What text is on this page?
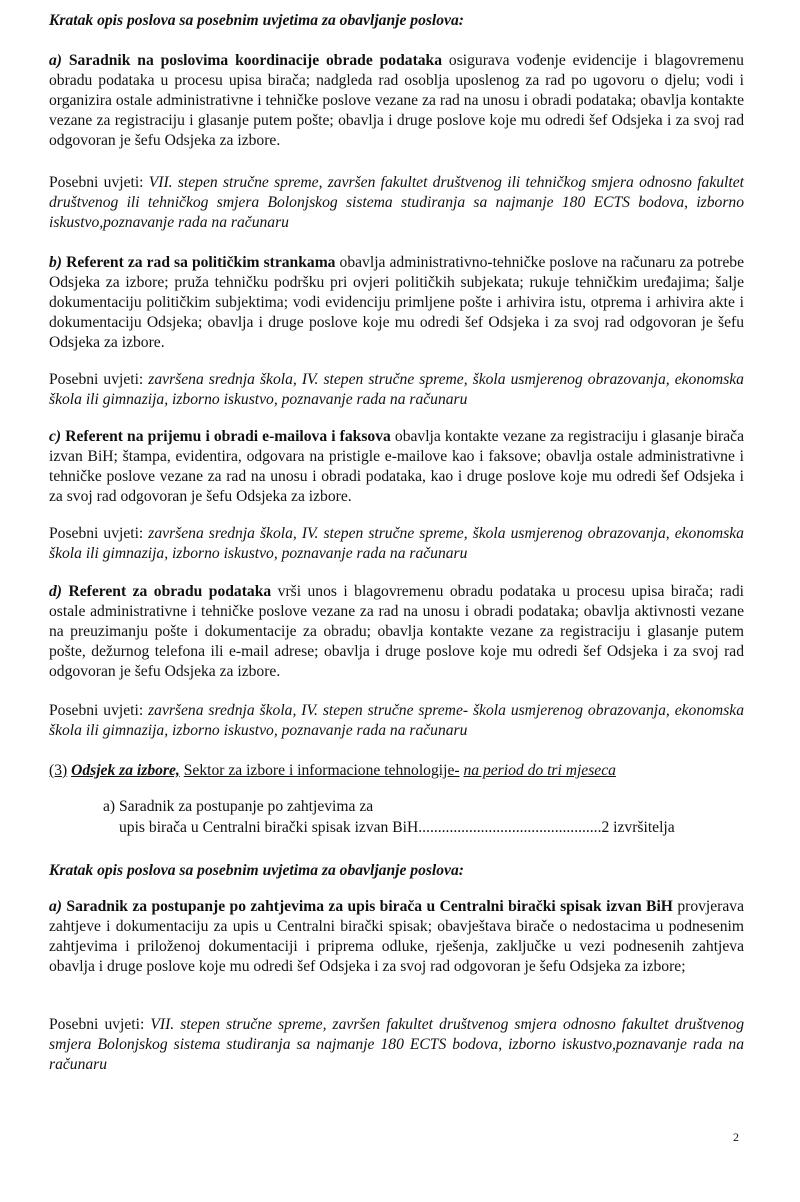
Kratak opis poslova sa posebnim uvjetima za obavljanje poslova:
a) Saradnik na poslovima koordinacije obrade podataka osigurava vođenje evidencije i blagovremenu obradu podataka u procesu upisa birača; nadgleda rad osoblja uposlenog za rad po ugovoru o djelu; vodi i organizira ostale administrativne i tehničke poslove vezane za rad na unosu i obradi podataka; obavlja kontakte vezane za registraciju i glasanje putem pošte; obavlja i druge poslove koje mu odredi šef Odsjeka i za svoj rad odgovoran je šefu Odsjeka za izbore.
Posebni uvjeti: VII. stepen stručne spreme, završen fakultet društvenog ili tehničkog smjera odnosno fakultet društvenog ili tehničkog smjera Bolonjskog sistema studiranja sa najmanje 180 ECTS bodova, izborno iskustvo,poznavanje rada na računaru
b) Referent za rad sa političkim strankama obavlja administrativno-tehničke poslove na računaru za potrebe Odsjeka za izbore; pruža tehničku podršku pri ovjeri političkih subjekata; rukuje tehničkim uređajima; šalje dokumentaciju političkim subjektima; vodi evidenciju primljene pošte i arhivira istu, otprema i arhivira akte i dokumentaciju Odsjeka; obavlja i druge poslove koje mu odredi šef Odsjeka i za svoj rad odgovoran je šefu Odsjeka za izbore.
Posebni uvjeti: završena srednja škola, IV. stepen stručne spreme, škola usmjerenog obrazovanja, ekonomska škola ili gimnazija, izborno iskustvo, poznavanje rada na računaru
c) Referent na prijemu i obradi e-mailova i faksova obavlja kontakte vezane za registraciju i glasanje birača izvan BiH; štampa, evidentira, odgovara na pristigle e-mailove kao i faksove; obavlja ostale administrativne i tehničke poslove vezane za rad na unosu i obradi podataka, kao i druge poslove koje mu odredi šef Odsjeka i za svoj rad odgovoran je šefu Odsjeka za izbore.
Posebni uvjeti: završena srednja škola, IV. stepen stručne spreme, škola usmjerenog obrazovanja, ekonomska škola ili gimnazija, izborno iskustvo, poznavanje rada na računaru
d) Referent za obradu podataka vrši unos i blagovremenu obradu podataka u procesu upisa birača; radi ostale administrativne i tehničke poslove vezane za rad na unosu i obradi podataka; obavlja aktivnosti vezane na preuzimanju pošte i dokumentacije za obradu; obavlja kontakte vezane za registraciju i glasanje putem pošte, dežurnog telefona ili e-mail adrese; obavlja i druge poslove koje mu odredi šef Odsjeka i za svoj rad odgovoran je šefu Odsjeka za izbore.
Posebni uvjeti: završena srednja škola, IV. stepen stručne spreme- škola usmjerenog obrazovanja, ekonomska škola ili gimnazija, izborno iskustvo, poznavanje rada na računaru
(3) Odsjek za izbore, Sektor za izbore i informacione tehnologije- na period do tri mjeseca
a) Saradnik za postupanje po zahtjevima za
upis birača u Centralni birački spisak izvan BiH...............................................2 izvršitelja
Kratak opis poslova sa posebnim uvjetima za obavljanje poslova:
a) Saradnik za postupanje po zahtjevima za upis birača u Centralni birački spisak izvan BiH provjerava zahtjeve i dokumentaciju za upis u Centralni birački spisak; obavještava birače o nedostacima u podnesenim zahtjevima i priloženoj dokumentaciji i priprema odluke, rješenja, zaključke u vezi podnesenih zahtjeva obavlja i druge poslove koje mu odredi šef Odsjeka i za svoj rad odgovoran je šefu Odsjeka za izbore;
Posebni uvjeti: VII. stepen stručne spreme, završen fakultet društvenog smjera odnosno fakultet društvenog smjera Bolonjskog sistema studiranja sa najmanje 180 ECTS bodova, izborno iskustvo,poznavanje rada na računaru
2
